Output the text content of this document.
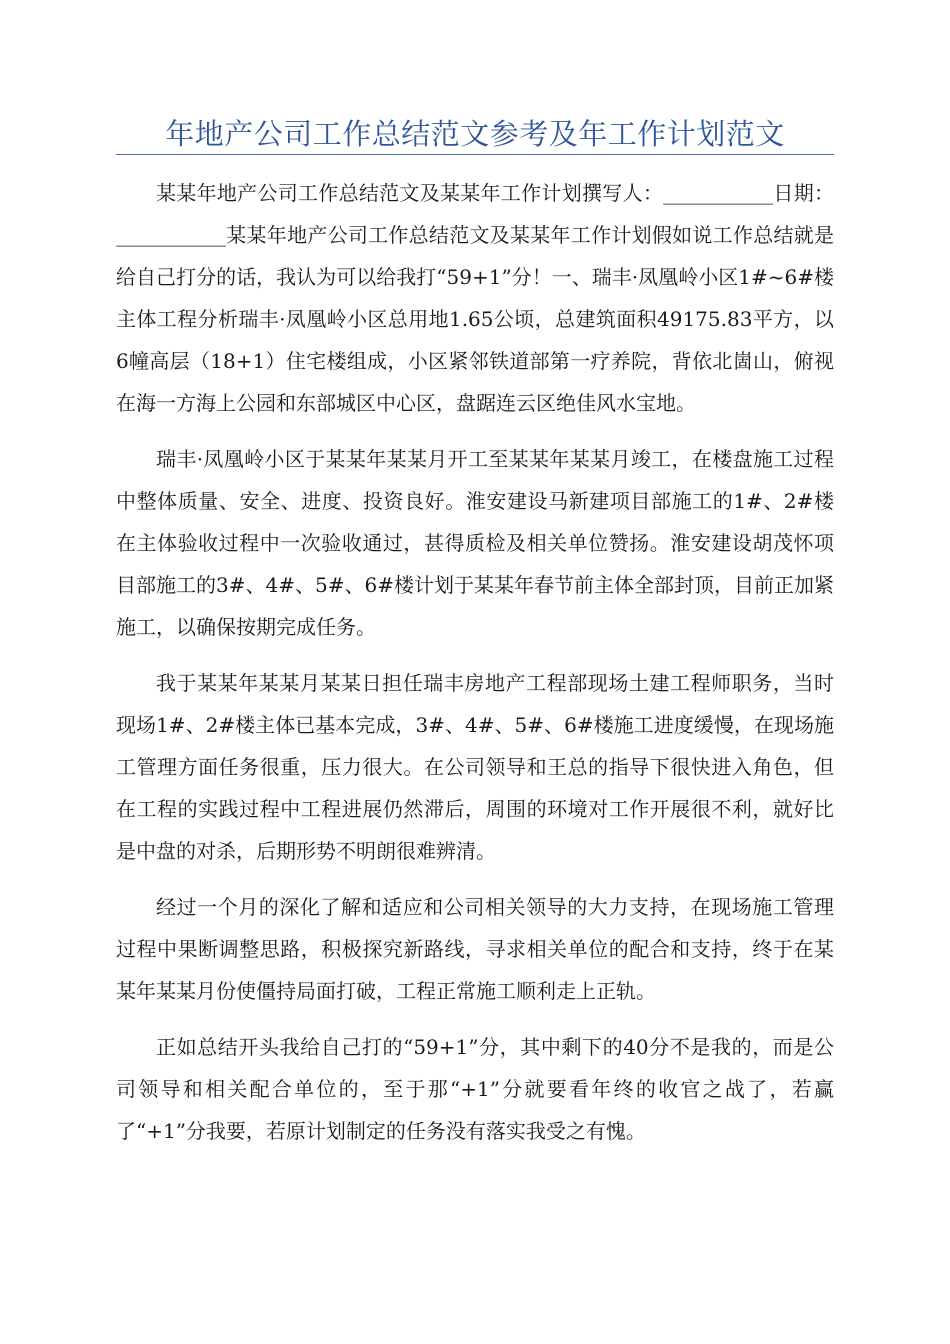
年地产公司工作总结范文参考及年工作计划范文

某某年地产公司工作总结范文及某某年工作计划撰写人：___________日期：___________某某年地产公司工作总结范文及某某年工作计划假如说工作总结就是给自己打分的话，我认为可以给我打“59+1”分！一、瑞丰·凤凰岭小区1#~6#楼主体工程分析瑞丰·凤凰岭小区总用地1.65公顷，总建筑面积49175.83平方，以6幢高层（18+1）住宅楼组成，小区紧邻铁道部第一疗养院，背依北崮山，俯视在海一方海上公园和东部城区中心区，盘踞连云区绝佳风水宝地。

瑞丰·凤凰岭小区于某某年某某月开工至某某年某某月竣工，在楼盘施工过程中整体质量、安全、进度、投资良好。淮安建设马新建项目部施工的1#、2#楼在主体验收过程中一次验收通过，甚得质检及相关单位赞扬。淮安建设胡茂怀项目部施工的3#、4#、5#、6#楼计划于某某年春节前主体全部封顶，目前正加紧施工，以确保按期完成任务。

我于某某年某某月某某日担任瑞丰房地产工程部现场土建工程师职务，当时现场1#、2#楼主体已基本完成，3#、4#、5#、6#楼施工进度缓慢，在现场施工管理方面任务很重，压力很大。在公司领导和王总的指导下很快进入角色，但在工程的实践过程中工程进展仍然滞后，周围的环境对工作开展很不利，就好比是中盘的对杀，后期形势不明朗很难辨清。

经过一个月的深化了解和适应和公司相关领导的大力支持，在现场施工管理过程中果断调整思路，积极探究新路线，寻求相关单位的配合和支持，终于在某某年某某月份使僵持局面打破，工程正常施工顺利走上正轨。

正如总结开头我给自己打的“59+1”分，其中剩下的40分不是我的，而是公司领导和相关配合单位的，至于那“+1”分就要看年终的收官之战了，若赢了“+1”分我要，若原计划制定的任务没有落实我受之有愧。
